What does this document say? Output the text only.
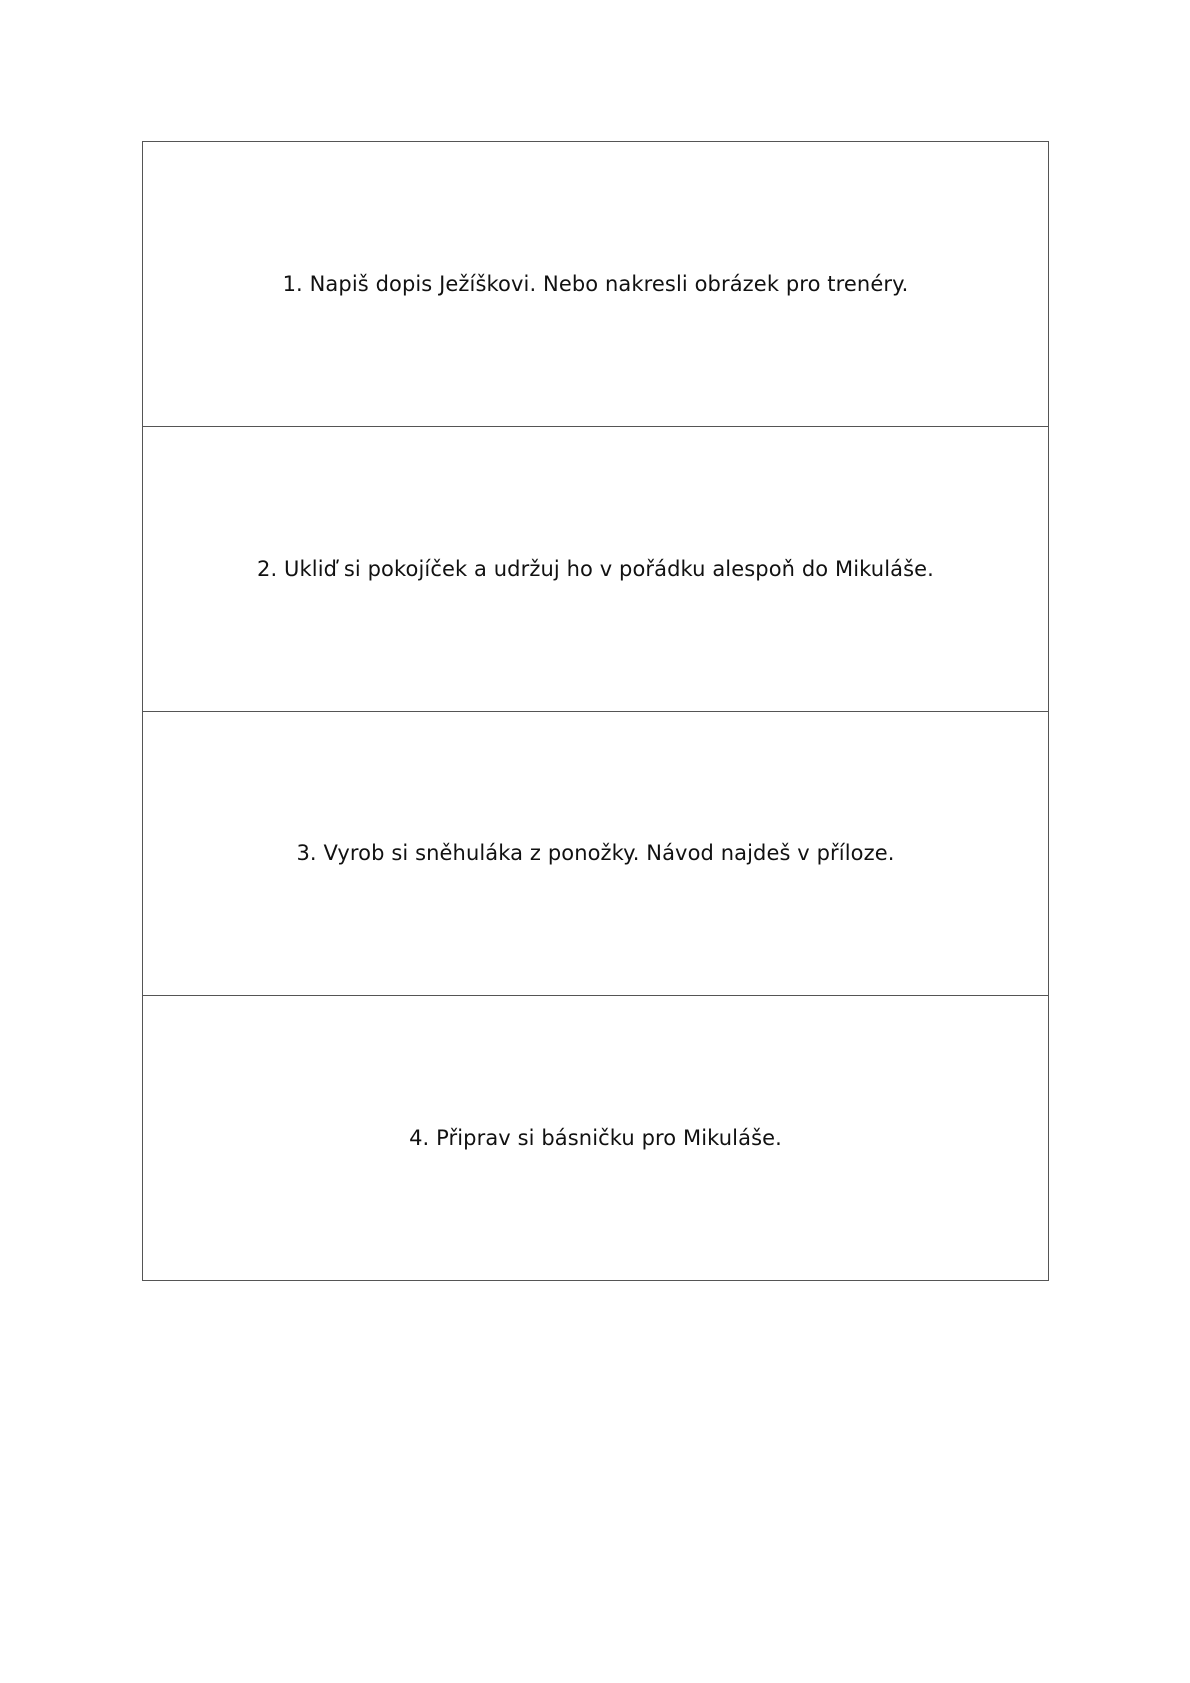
1. Napiš dopis Ježíškovi. Nebo nakresli obrázek pro trenéry.
2. Ukliď si pokojíček a udržuj ho v pořádku alespoň do Mikuláše.
3. Vyrob si sněhuláka z ponožky. Návod najdeš v příloze.
4. Připrav si básničku pro Mikuláše.
